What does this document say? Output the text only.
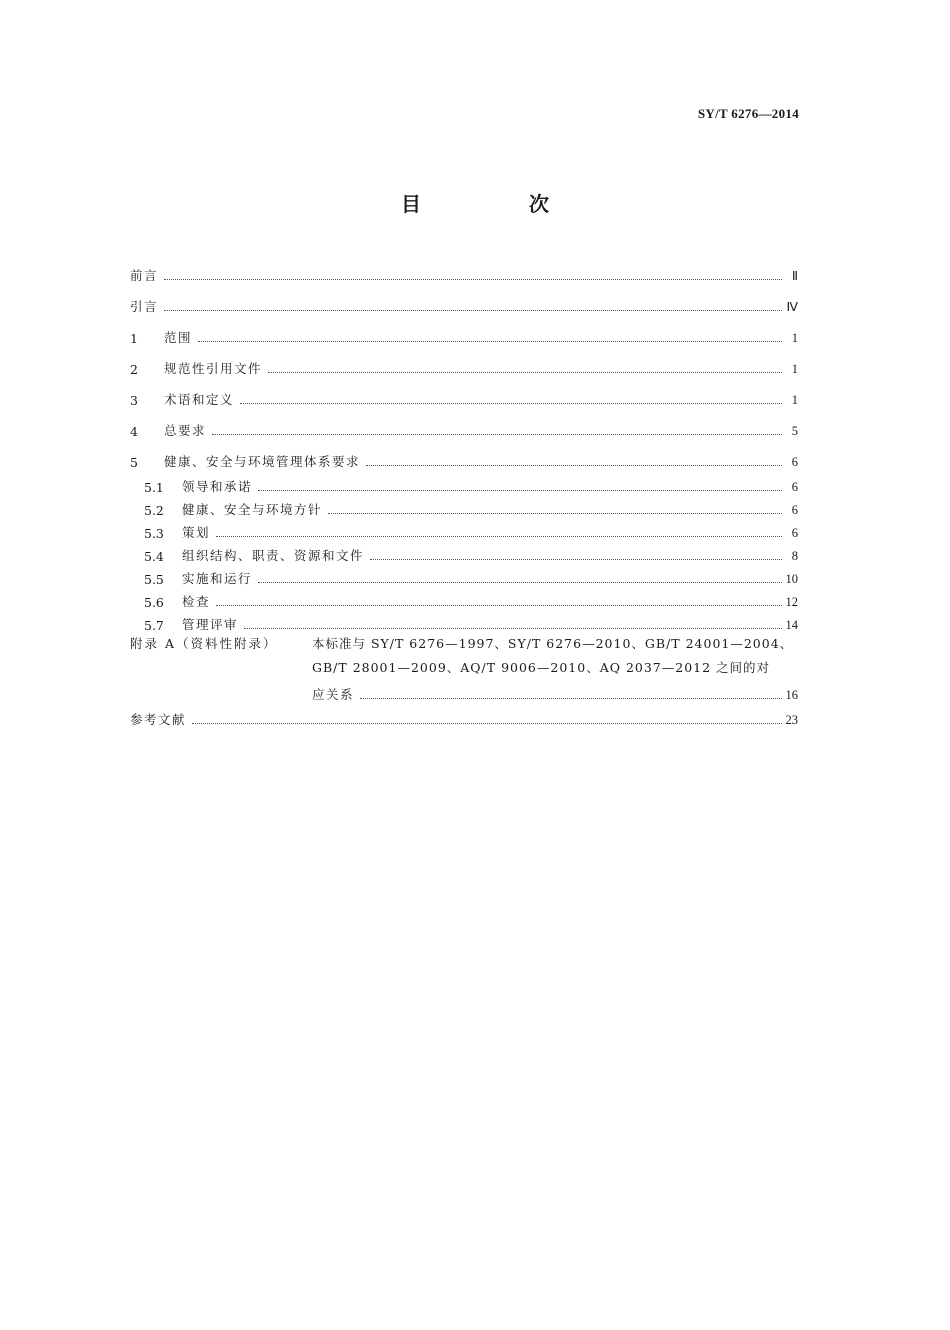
SY/T 6276—2014
目　次
前言	Ⅱ
引言	Ⅳ
1	范围	1
2	规范性引用文件	1
3	术语和定义	1
4	总要求	5
5	健康、安全与环境管理体系要求	6
5.1	领导和承诺	6
5.2	健康、安全与环境方针	6
5.3	策划	6
5.4	组织结构、职责、资源和文件	8
5.5	实施和运行	10
5.6	检查	12
5.7	管理评审	14
附录 A（资料性附录）	本标准与 SY/T 6276—1997、SY/T 6276—2010、GB/T 24001—2004、
GB/T 28001—2009、AQ/T 9006—2010、AQ 2037—2012 之间的对
应关系	16
参考文献	23
